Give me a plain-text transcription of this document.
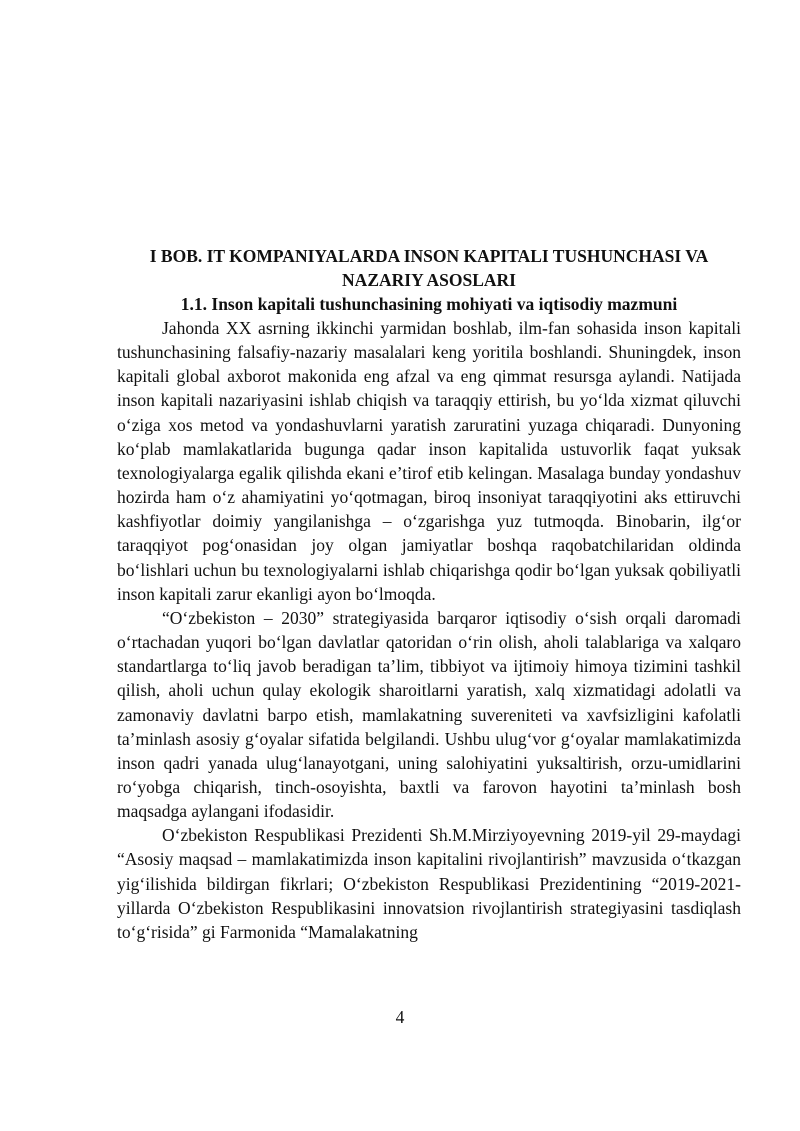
I BOB. IT KOMPANIYALARDA INSON KAPITALI TUSHUNCHASI VA NAZARIY ASOSLARI
1.1. Inson kapitali tushunchasining mohiyati va iqtisodiy mazmuni

Jahonda XX asrning ikkinchi yarmidan boshlab, ilm-fan sohasida inson kapitali tushunchasining falsafiy-nazariy masalalari keng yoritila boshlandi. Shuningdek, inson kapitali global axborot makonida eng afzal va eng qimmat resursga aylandi. Natijada inson kapitali nazariyasini ishlab chiqish va taraqqiy ettirish, bu yo‘lda xizmat qiluvchi o‘ziga xos metod va yondashuvlarni yaratish zaruratini yuzaga chiqaradi. Dunyoning ko‘plab mamlakatlarida bugunga qadar inson kapitalida ustuvorlik faqat yuksak texnologiyalarga egalik qilishda ekani e’tirof etib kelingan. Masalaga bunday yondashuv hozirda ham o‘z ahamiyatini yo‘qotmagan, biroq insoniyat taraqqiyotini aks ettiruvchi kashfiyotlar doimiy yangilanishga – o‘zgarishga yuz tutmoqda. Binobarin, ilg‘or taraqqiyot pog‘onasidan joy olgan jamiyatlar boshqa raqobatchilaridan oldinda bo‘lishlari uchun bu texnologiyalarni ishlab chiqarishga qodir bo‘lgan yuksak qobiliyatli inson kapitali zarur ekanligi ayon bo‘lmoqda.

“O‘zbekiston – 2030” strategiyasida barqaror iqtisodiy o‘sish orqali daromadi o‘rtachadan yuqori bo‘lgan davlatlar qatoridan o‘rin olish, aholi talablariga va xalqaro standartlarga to‘liq javob beradigan ta’lim, tibbiyot va ijtimoiy himoya tizimini tashkil qilish, aholi uchun qulay ekologik sharoitlarni yaratish, xalq xizmatidagi adolatli va zamonaviy davlatni barpo etish, mamlakatning suvereniteti va xavfsizligini kafolatli ta’minlash asosiy g‘oyalar sifatida belgilandi. Ushbu ulug‘vor g‘oyalar mamlakatimizda inson qadri yanada ulug‘lanayotgani, uning salohiyatini yuksaltirish, orzu-umidlarini ro‘yobga chiqarish, tinch-osoyishta, baxtli va farovon hayotini ta’minlash bosh maqsadga aylangani ifodasidir.

O‘zbekiston Respublikasi Prezidenti Sh.M.Mirziyoyevning 2019-yil 29-maydagi “Asosiy maqsad – mamlakatimizda inson kapitalini rivojlantirish” mavzusida o‘tkazgan yig‘ilishida bildirgan fikrlari; O‘zbekiston Respublikasi Prezidentining “2019-2021-yillarda O‘zbekiston Respublikasini innovatsion rivojlantirish strategiyasini tasdiqlash to‘g‘risida” gi Farmonida “Mamalakatning

4
